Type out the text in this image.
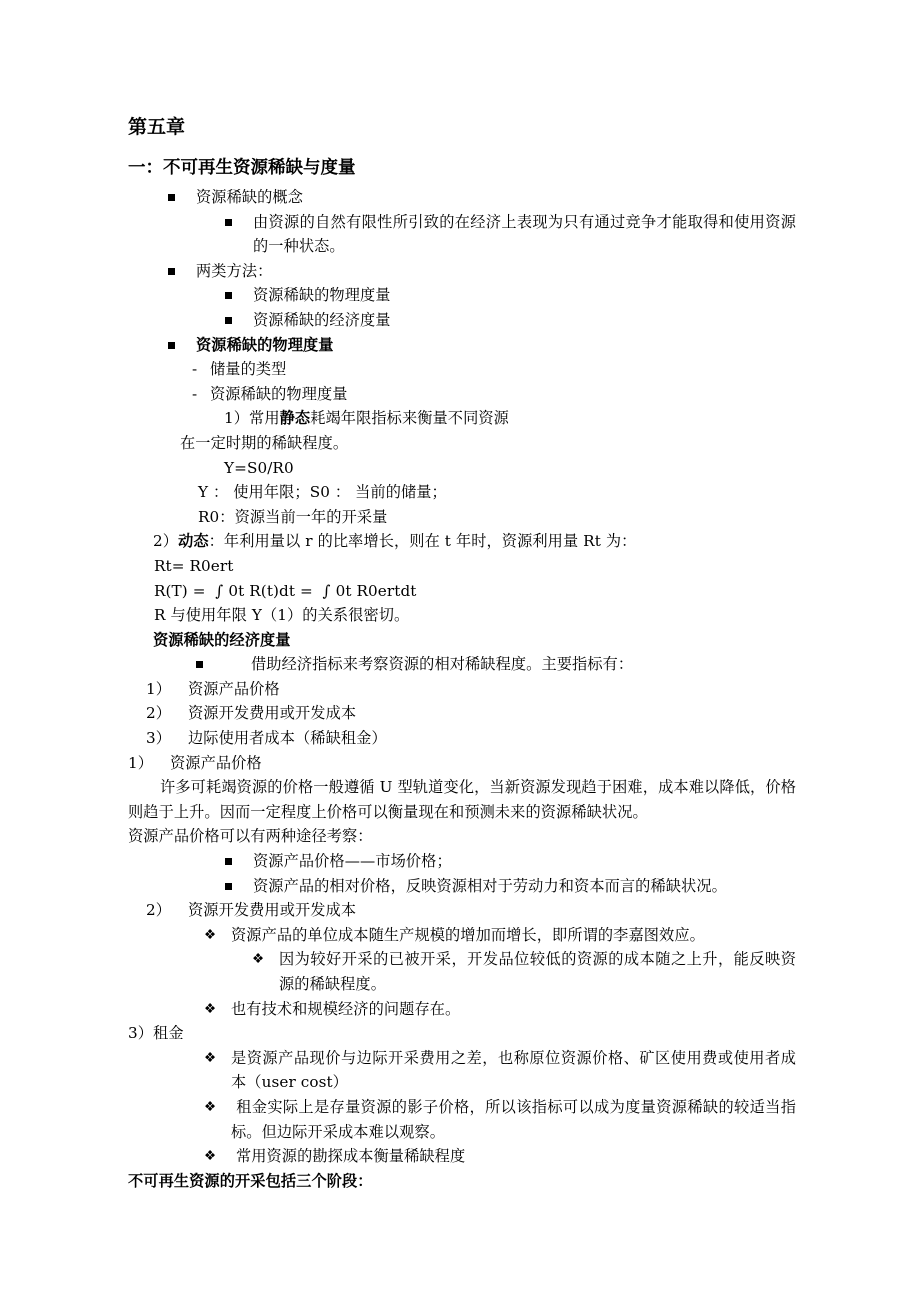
第五章
一：不可再生资源稀缺与度量
资源稀缺的概念
由资源的自然有限性所引致的在经济上表现为只有通过竞争才能取得和使用资源的一种状态。
两类方法：
资源稀缺的物理度量
资源稀缺的经济度量
资源稀缺的物理度量
- 储量的类型
- 资源稀缺的物理度量
1）常用静态耗竭年限指标来衡量不同资源
在一定时期的稀缺程度。
Y=S0/R0
Y ： 使用年限；S0 ： 当前的储量；
R0：资源当前一年的开采量
2）动态：年利用量以 r 的比率增长，则在 t 年时，资源利用量 Rt 为：
Rt= R0ert
R(T) =  ∫ 0t R(t)dt =  ∫ 0t R0ertdt
R 与使用年限 Y（1）的关系很密切。
资源稀缺的经济度量
借助经济指标来考察资源的相对稀缺程度。主要指标有：
1）	资源产品价格
2）	资源开发费用或开发成本
3）	边际使用者成本（稀缺租金）
1）	资源产品价格
许多可耗竭资源的价格一般遵循 U 型轨道变化，当新资源发现趋于困难，成本难以降低，价格则趋于上升。因而一定程度上价格可以衡量现在和预测未来的资源稀缺状况。
资源产品价格可以有两种途径考察：
资源产品价格——市场价格；
资源产品的相对价格，反映资源相对于劳动力和资本而言的稀缺状况。
2）	资源开发费用或开发成本
❖ 资源产品的单位成本随生产规模的增加而增长，即所谓的李嘉图效应。
❖ 因为较好开采的已被开采，开发品位较低的资源的成本随之上升，能反映资源的稀缺程度。
❖ 也有技术和规模经济的问题存在。
3）租金
❖ 是资源产品现价与边际开采费用之差，也称原位资源价格、矿区使用费或使用者成本（user cost）
❖ 租金实际上是存量资源的影子价格，所以该指标可以成为度量资源稀缺的较适当指标。但边际开采成本难以观察。
❖ 常用资源的勘探成本衡量稀缺程度
不可再生资源的开采包括三个阶段：
